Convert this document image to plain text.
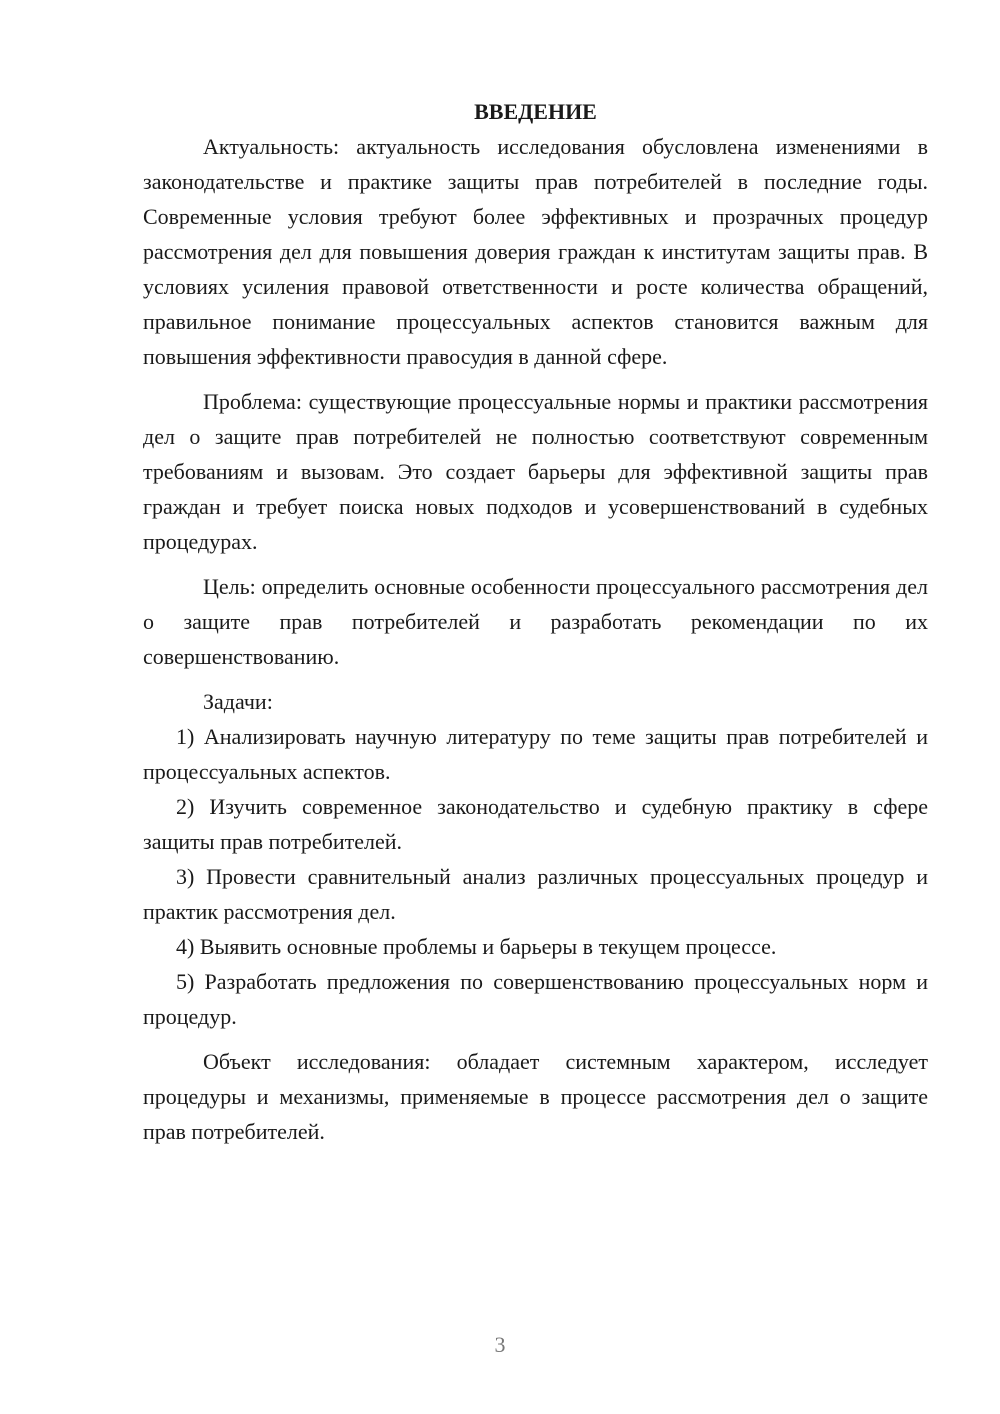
ВВЕДЕНИЕ

Актуальность: актуальность исследования обусловлена изменениями в законодательстве и практике защиты прав потребителей в последние годы. Современные условия требуют более эффективных и прозрачных процедур рассмотрения дел для повышения доверия граждан к институтам защиты прав. В условиях усиления правовой ответственности и росте количества обращений, правильное понимание процессуальных аспектов становится важным для повышения эффективности правосудия в данной сфере.

Проблема: существующие процессуальные нормы и практики рассмотрения дел о защите прав потребителей не полностью соответствуют современным требованиям и вызовам. Это создает барьеры для эффективной защиты прав граждан и требует поиска новых подходов и усовершенствований в судебных процедурах.

Цель: определить основные особенности процессуального рассмотрения дел о защите прав потребителей и разработать рекомендации по их совершенствованию.

Задачи:

1) Анализировать научную литературу по теме защиты прав потребителей и процессуальных аспектов.

2) Изучить современное законодательство и судебную практику в сфере защиты прав потребителей.

3) Провести сравнительный анализ различных процессуальных процедур и практик рассмотрения дел.

4) Выявить основные проблемы и барьеры в текущем процессе.

5) Разработать предложения по совершенствованию процессуальных норм и процедур.

Объект исследования: обладает системным характером, исследует процедуры и механизмы, применяемые в процессе рассмотрения дел о защите прав потребителей.

3
